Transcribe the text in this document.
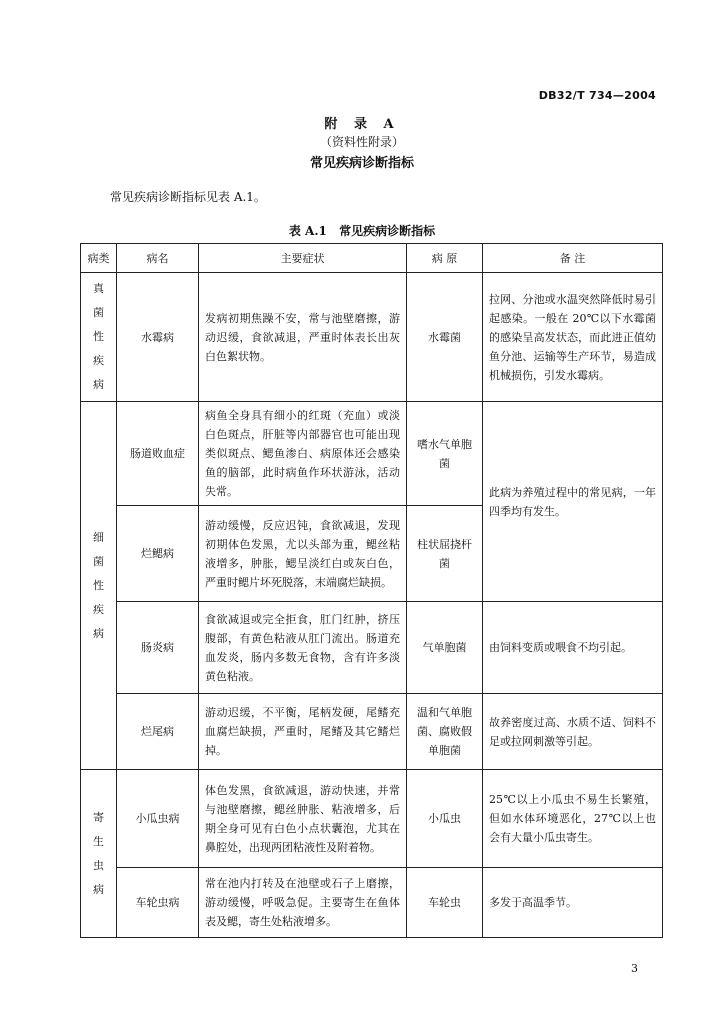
DB32/T 734—2004
附 录 A
（资料性附录）
常见疾病诊断指标
常见疾病诊断指标见表 A.1。
表 A.1 常见疾病诊断指标
病类	病名	主要症状	病 原	备 注
真菌性疾病	水霉病	发病初期焦躁不安，常与池壁磨擦，游动迟缓，食欲减退，严重时体表长出灰白色絮状物。	水霉菌	拉网、分池或水温突然降低时易引起感染。一般在 20℃以下水霉菌的感染呈高发状态，而此进正值幼鱼分池、运输等生产环节，易造成机械损伤，引发水霉病。
细菌性疾病	肠道败血症	病鱼全身具有细小的红斑（充血）或淡白色斑点，肝脏等内部器官也可能出现类似斑点、鳃鱼渗白、病原体还会感染鱼的脑部，此时病鱼作环状游泳，活动失常。	嗜水气单胞菌	此病为养殖过程中的常见病，一年四季均有发生。
	烂鳃病	游动缓慢，反应迟钝，食欲减退，发现初期体色发黑，尤以头部为重，鳃丝粘液增多，肿胀，鳃呈淡红白或灰白色，严重时鳃片坏死脱落，末端腐烂缺损。	柱状屈挠杆菌	
	肠炎病	食欲减退或完全拒食，肛门红肿，挤压腹部，有黄色粘液从肛门流出。肠道充血发炎，肠内多数无食物，含有许多淡黄色粘液。	气单胞菌	由饲料变质或喂食不均引起。
	烂尾病	游动迟缓，不平衡，尾柄发硬，尾鳍充血腐烂缺损，严重时，尾鳍及其它鳍烂掉。	温和气单胞菌、腐败假单胞菌	故养密度过高、水质不适、饲料不足或拉网刺激等引起。
寄生虫病	小瓜虫病	体色发黑，食欲减退，游动快速，并常与池壁磨擦，鳃丝肿胀、粘液增多，后期全身可见有白色小点状囊泡，尤其在鼻腔处，出现两团粘液性及附着物。	小瓜虫	25℃以上小瓜虫不易生长繁殖，但如水体环境恶化，27℃以上也会有大量小瓜虫寄生。
	车轮虫病	常在池内打转及在池壁或石子上磨擦，游动缓慢，呼吸急促。主要寄生在鱼体表及鳃，寄生处粘液增多。	车轮虫	多发于高温季节。
3
